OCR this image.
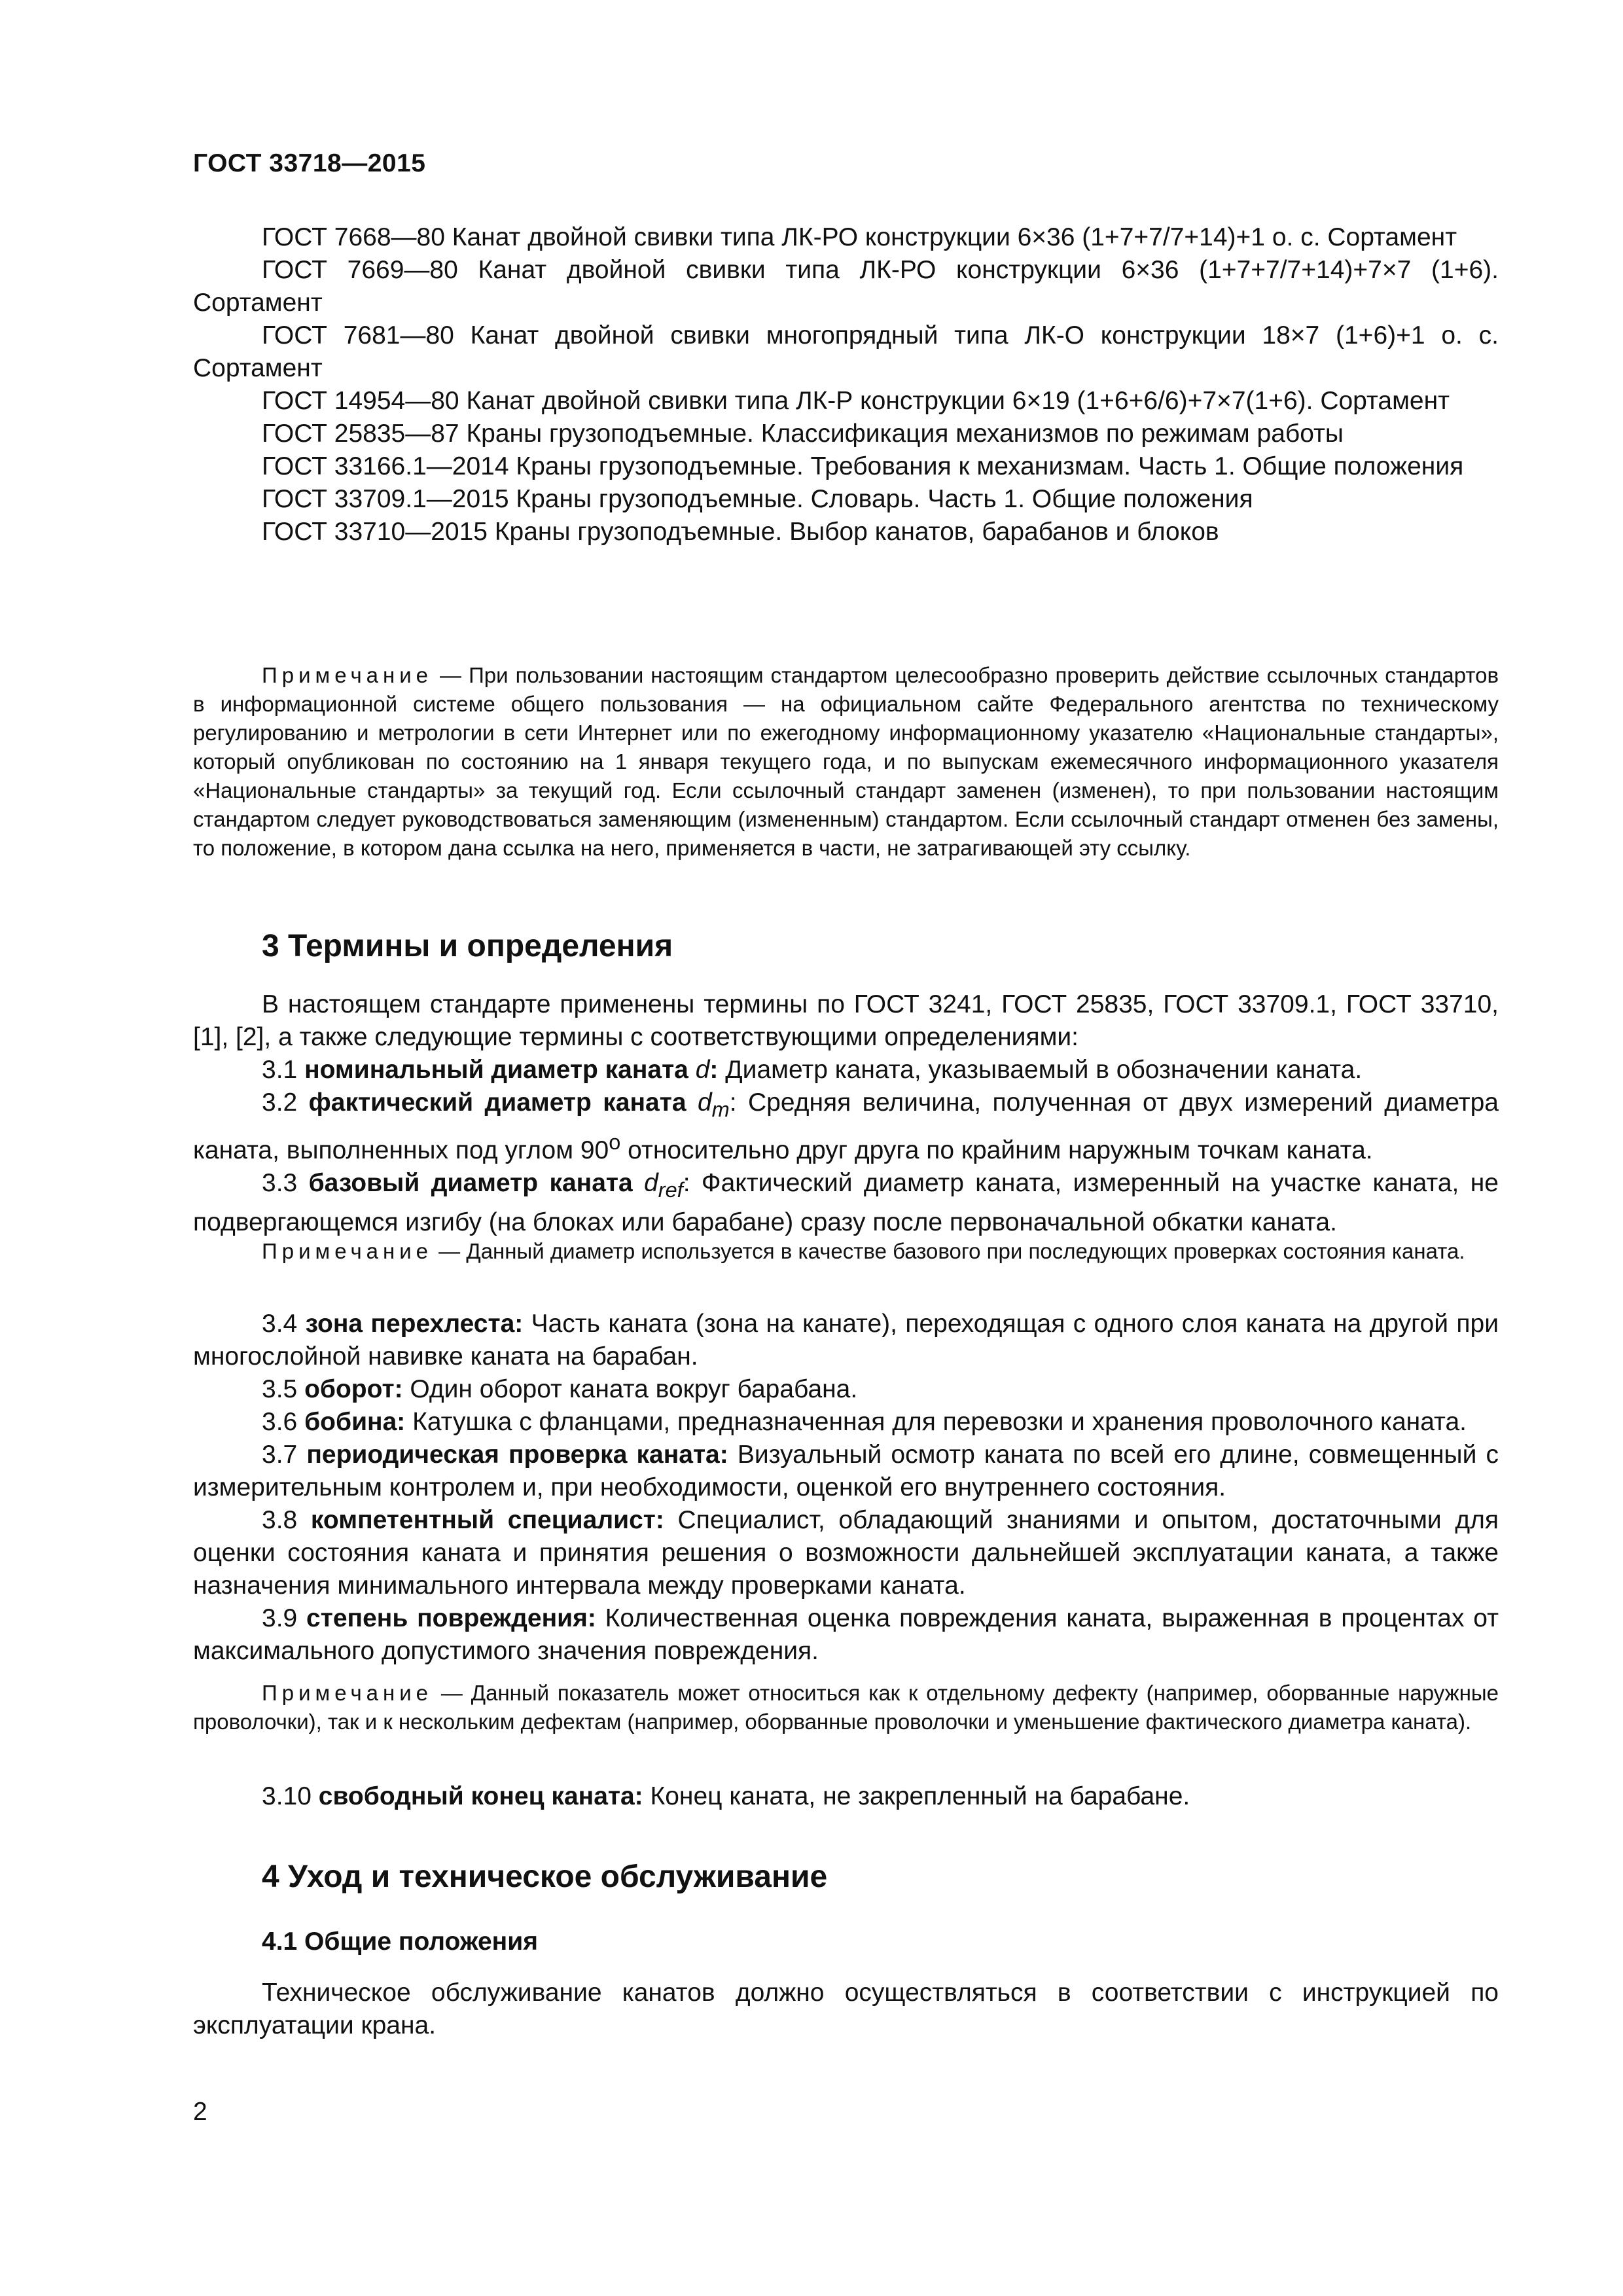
ГОСТ 33718—2015

ГОСТ 7668—80 Канат двойной свивки типа ЛК-РО конструкции 6×36 (1+7+7/7+14)+1 о. с. Сортамент

ГОСТ 7669—80 Канат двойной свивки типа ЛК-РО конструкции 6×36 (1+7+7/7+14)+7×7 (1+6). Сортамент

ГОСТ 7681—80 Канат двойной свивки многопрядный типа ЛК-О конструкции 18×7 (1+6)+1 о. с. Сортамент

ГОСТ 14954—80 Канат двойной свивки типа ЛК-Р конструкции 6×19 (1+6+6/6)+7×7(1+6). Сортамент

ГОСТ 25835—87 Краны грузоподъемные. Классификация механизмов по режимам работы

ГОСТ 33166.1—2014 Краны грузоподъемные. Требования к механизмам. Часть 1. Общие положения

ГОСТ 33709.1—2015 Краны грузоподъемные. Словарь. Часть 1. Общие положения

ГОСТ 33710—2015 Краны грузоподъемные. Выбор канатов, барабанов и блоков

Примечание — При пользовании настоящим стандартом целесообразно проверить действие ссылочных стандартов в информационной системе общего пользования — на официальном сайте Федерального агентства по техническому регулированию и метрологии в сети Интернет или по ежегодному информационному указателю «Национальные стандарты», который опубликован по состоянию на 1 января текущего года, и по выпускам ежемесячного информационного указателя «Национальные стандарты» за текущий год. Если ссылочный стандарт заменен (изменен), то при пользовании настоящим стандартом следует руководствоваться заменяющим (измененным) стандартом. Если ссылочный стандарт отменен без замены, то положение, в котором дана ссылка на него, применяется в части, не затрагивающей эту ссылку.

3 Термины и определения

В настоящем стандарте применены термины по ГОСТ 3241, ГОСТ 25835, ГОСТ 33709.1, ГОСТ 33710, [1], [2], а также следующие термины с соответствующими определениями:

3.1 номинальный диаметр каната d: Диаметр каната, указываемый в обозначении каната.

3.2 фактический диаметр каната $d_m$: Средняя величина, полученная от двух измерений диаметра каната, выполненных под углом 90$^o$ относительно друг друга по крайним наружным точкам каната.

3.3 базовый диаметр каната $d_{ref}$: Фактический диаметр каната, измеренный на участке каната, не подвергающемся изгибу (на блоках или барабане) сразу после первоначальной обкатки каната.

Примечание — Данный диаметр используется в качестве базового при последующих проверках состояния каната.

3.4 зона перехлеста: Часть каната (зона на канате), переходящая с одного слоя каната на другой при многослойной навивке каната на барабан.

3.5 оборот: Один оборот каната вокруг барабана.

3.6 бобина: Катушка с фланцами, предназначенная для перевозки и хранения проволочного каната.

3.7 периодическая проверка каната: Визуальный осмотр каната по всей его длине, совмещенный с измерительным контролем и, при необходимости, оценкой его внутреннего состояния.

3.8 компетентный специалист: Специалист, обладающий знаниями и опытом, достаточными для оценки состояния каната и принятия решения о возможности дальнейшей эксплуатации каната, а также назначения минимального интервала между проверками каната.

3.9 степень повреждения: Количественная оценка повреждения каната, выраженная в процентах от максимального допустимого значения повреждения.

Примечание — Данный показатель может относиться как к отдельному дефекту (например, оборванные наружные проволочки), так и к нескольким дефектам (например, оборванные проволочки и уменьшение фактического диаметра каната).

3.10 свободный конец каната: Конец каната, не закрепленный на барабане.

4 Уход и техническое обслуживание
4.1 Общие положения

Техническое обслуживание канатов должно осуществляться в соответствии с инструкцией по эксплуатации крана.

2
